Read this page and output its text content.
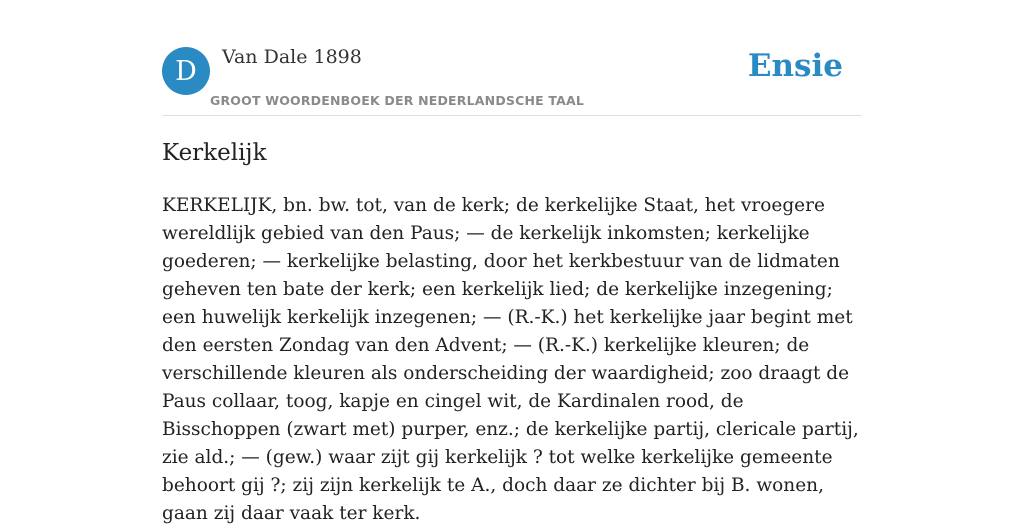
D Van Dale 1898
GROOT WOORDENBOEK DER NEDERLANDSCHE TAAL
Ensie
Kerkelijk

KERKELIJK, bn. bw. tot, van de kerk; de kerkelijke Staat, het vroegere wereldlijk gebied van den Paus; — de kerkelijk inkomsten; kerkelijke goederen; — kerkelijke belasting, door het kerkbestuur van de lidmaten geheven ten bate der kerk; een kerkelijk lied; de kerkelijke inzegening; een huwelijk kerkelijk inzegenen; — (R.-K.) het kerkelijke jaar begint met den eersten Zondag van den Advent; — (R.-K.) kerkelijke kleuren; de verschillende kleuren als onderscheiding der waardigheid; zoo draagt de Paus collaar, toog, kapje en cingel wit, de Kardinalen rood, de Bisschoppen (zwart met) purper, enz.; de kerkelijke partij, clericale partij, zie ald.; — (gew.) waar zijt gij kerkelijk ? tot welke kerkelijke gemeente behoort gij ?; zij zijn kerkelijk te A., doch daar ze dichter bij B. wonen, gaan zij daar vaak ter kerk.
